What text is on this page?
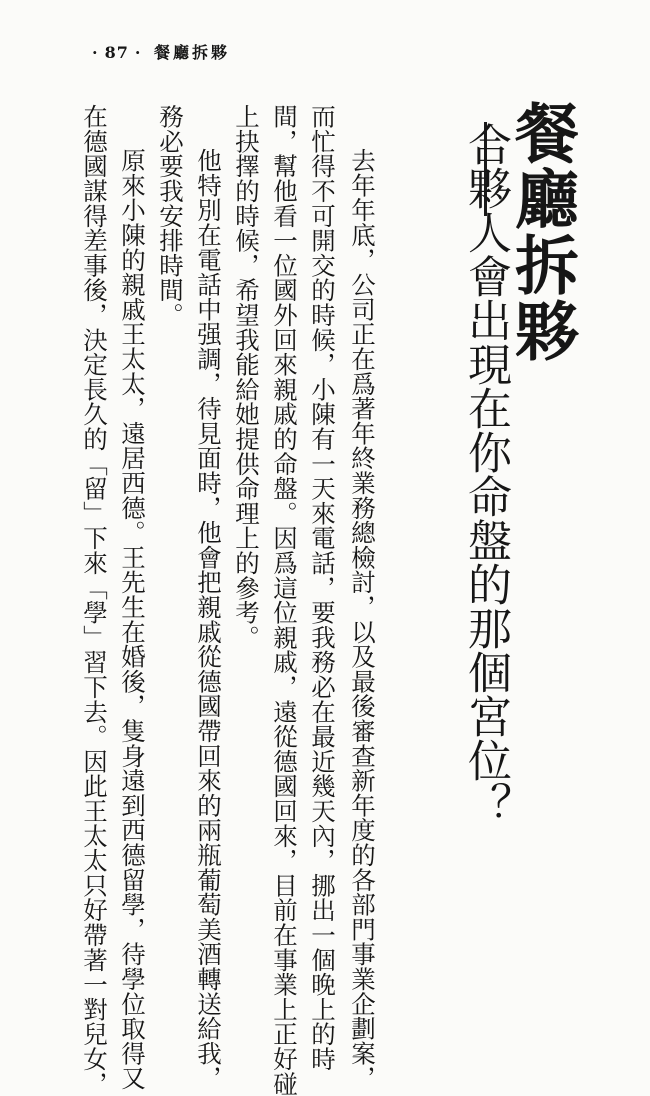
· 87 · 餐廳拆夥
餐廳拆夥
合夥人會出現在你命盤的那個宮位？
去年年底，公司正在爲著年終業務總檢討，以及最後審查新年度的各部門事業企劃案，
而忙得不可開交的時候，小陳有一天來電話，要我務必在最近幾天內，挪出一個晚上的時
間，幫他看一位國外回來親戚的命盤。因爲這位親戚，遠從德國回來，目前在事業上正好碰
上抉擇的時候，希望我能給她提供命理上的參考。
他特別在電話中强調，待見面時，他會把親戚從德國帶回來的兩瓶葡萄美酒轉送給我，
務必要我安排時間。
原來小陳的親戚王太太，遠居西德。王先生在婚後，隻身遠到西德留學，待學位取得又
在德國謀得差事後，決定長久的「留」下來「學」習下去。因此王太太只好帶著一對兒女，
